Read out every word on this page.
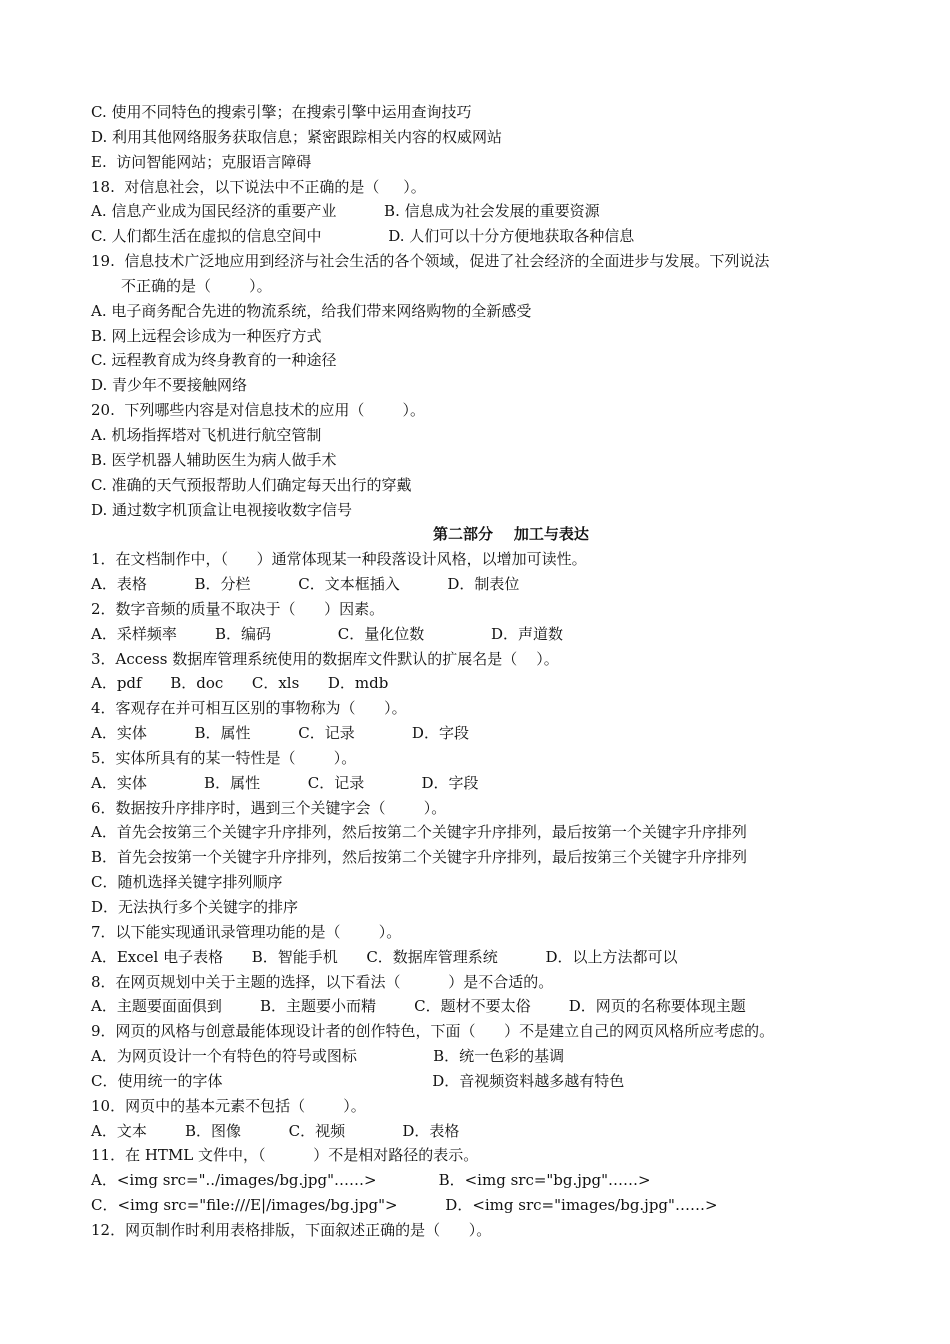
C. 使用不同特色的搜索引擎；在搜索引擎中运用查询技巧
D. 利用其他网络服务获取信息；紧密跟踪相关内容的权威网站
E.  访问智能网站；克服语言障碍
18.  对信息社会，以下说法中不正确的是（     ）。
A. 信息产业成为国民经济的重要产业          B. 信息成为社会发展的重要资源
C. 人们都生活在虚拟的信息空间中              D. 人们可以十分方便地获取各种信息
19.  信息技术广泛地应用到经济与社会生活的各个领域，促进了社会经济的全面进步与发展。下列说法
不正确的是（        ）。
A. 电子商务配合先进的物流系统，给我们带来网络购物的全新感受
B. 网上远程会诊成为一种医疗方式
C. 远程教育成为终身教育的一种途径
D. 青少年不要接触网络
20.  下列哪些内容是对信息技术的应用（        ）。
A. 机场指挥塔对飞机进行航空管制
B. 医学机器人辅助医生为病人做手术
C. 准确的天气预报帮助人们确定每天出行的穿戴
D. 通过数字机顶盒让电视接收数字信号
第二部分    加工与表达
1．在文档制作中，（      ）通常体现某一种段落设计风格，以增加可读性。
A．表格          B．分栏          C．文本框插入          D．制表位
2．数字音频的质量不取决于（      ）因素。
A．采样频率        B．编码              C．量化位数              D．声道数
3．Access 数据库管理系统使用的数据库文件默认的扩展名是（    ）。
A．pdf      B．doc      C．xls      D．mdb
4．客观存在并可相互区别的事物称为（      ）。
A．实体          B．属性          C．记录            D．字段
5．实体所具有的某一特性是（        ）。
A．实体            B．属性          C．记录            D．字段
6．数据按升序排序时，遇到三个关键字会（        ）。
A．首先会按第三个关键字升序排列，然后按第二个关键字升序排列，最后按第一个关键字升序排列
B．首先会按第一个关键字升序排列，然后按第二个关键字升序排列，最后按第三个关键字升序排列
C．随机选择关键字排列顺序
D．无法执行多个关键字的排序
7．以下能实现通讯录管理功能的是（        ）。
A．Excel 电子表格      B．智能手机      C．数据库管理系统          D．以上方法都可以
8．在网页规划中关于主题的选择，以下看法（          ）是不合适的。
A．主题要面面俱到        B．主题要小而精        C．题材不要太俗        D．网页的名称要体现主题
9．网页的风格与创意最能体现设计者的创作特色，下面（      ）不是建立自己的网页风格所应考虑的。
A．为网页设计一个有特色的符号或图标                B．统一色彩的基调
C．使用统一的字体                                            D．音视频资料越多越有特色
10．网页中的基本元素不包括（        ）。
A．文本        B．图像          C．视频            D．表格
11．在 HTML 文件中，（          ）不是相对路径的表示。
A．<img src="../images/bg.jpg"……>             B．<img src="bg.jpg"……>
C．<img src="file:///E|/images/bg.jpg">          D．<img src="images/bg.jpg"……>
12．网页制作时利用表格排版，下面叙述正确的是（      ）。
